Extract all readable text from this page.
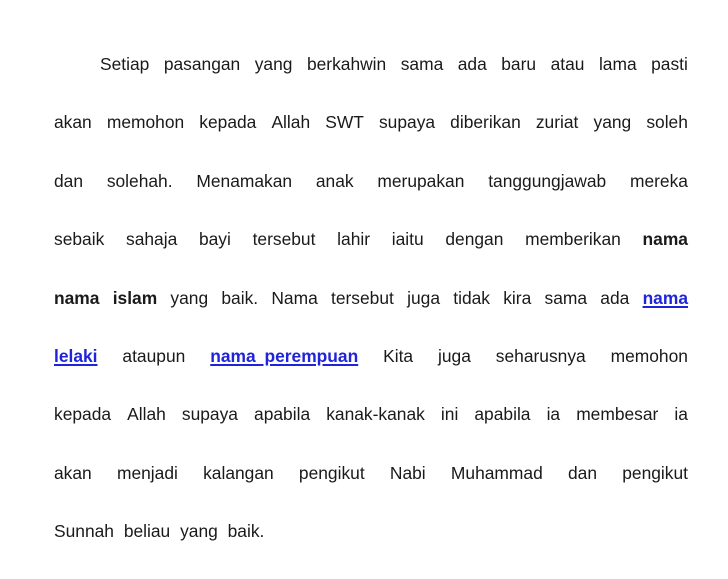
Setiap pasangan yang berkahwin sama ada baru atau lama pasti
akan memohon kepada Allah SWT supaya diberikan zuriat yang soleh
dan solehah. Menamakan anak merupakan tanggungjawab mereka
sebaik sahaja bayi tersebut lahir iaitu dengan memberikan nama
nama islam yang baik. Nama tersebut juga tidak kira sama ada nama
lelaki ataupun nama perempuan Kita juga seharusnya memohon
kepada Allah supaya apabila kanak-kanak ini apabila ia membesar ia
akan menjadi kalangan pengikut Nabi Muhammad dan pengikut
Sunnah beliau yang baik.
